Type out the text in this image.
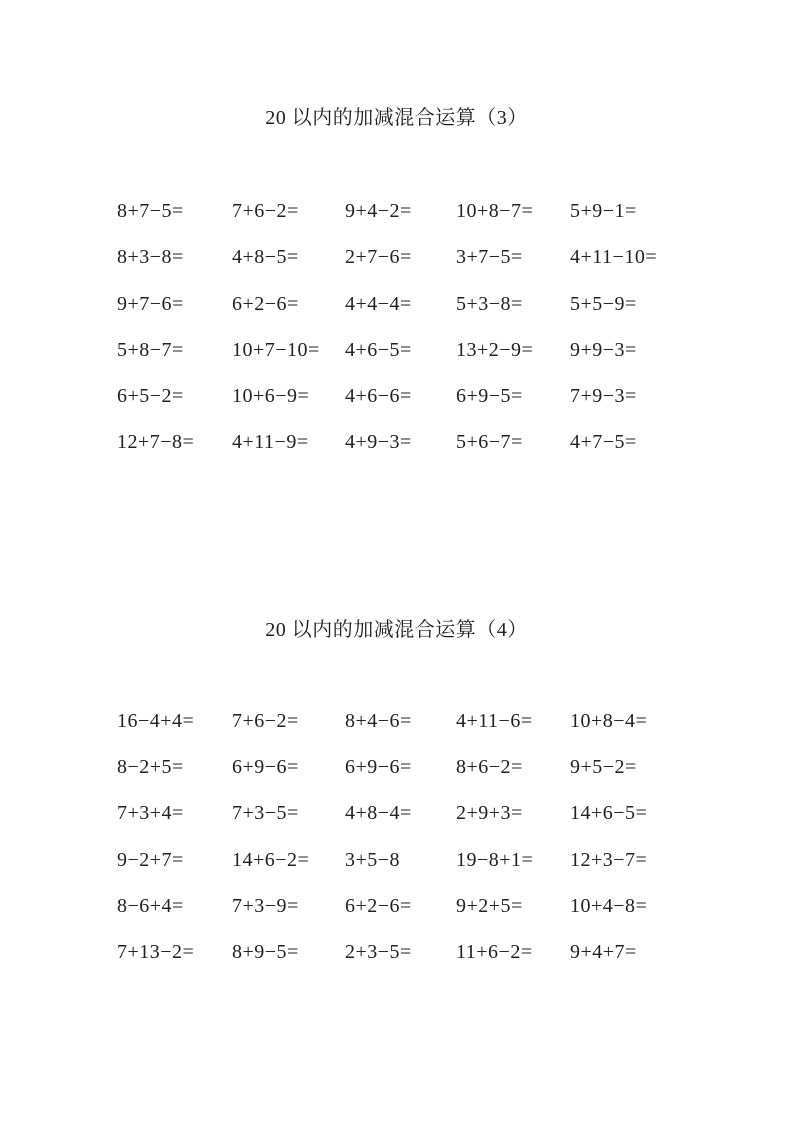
20 以内的加减混合运算（3）
8+7−5=	7+6−2=	9+4−2=	10+8−7=	5+9−1=
8+3−8=	4+8−5=	2+7−6=	3+7−5=	4+11−10=
9+7−6=	6+2−6=	4+4−4=	5+3−8=	5+5−9=
5+8−7=	10+7−10=	4+6−5=	13+2−9=	9+9−3=
6+5−2=	10+6−9=	4+6−6=	6+9−5=	7+9−3=
12+7−8=	4+11−9=	4+9−3=	5+6−7=	4+7−5=
20 以内的加减混合运算（4）
16−4+4=	7+6−2=	8+4−6=	4+11−6=	10+8−4=
8−2+5=	6+9−6=	6+9−6=	8+6−2=	9+5−2=
7+3+4=	7+3−5=	4+8−4=	2+9+3=	14+6−5=
9−2+7=	14+6−2=	3+5−8	19−8+1=	12+3−7=
8−6+4=	7+3−9=	6+2−6=	9+2+5=	10+4−8=
7+13−2=	8+9−5=	2+3−5=	11+6−2=	9+4+7=
